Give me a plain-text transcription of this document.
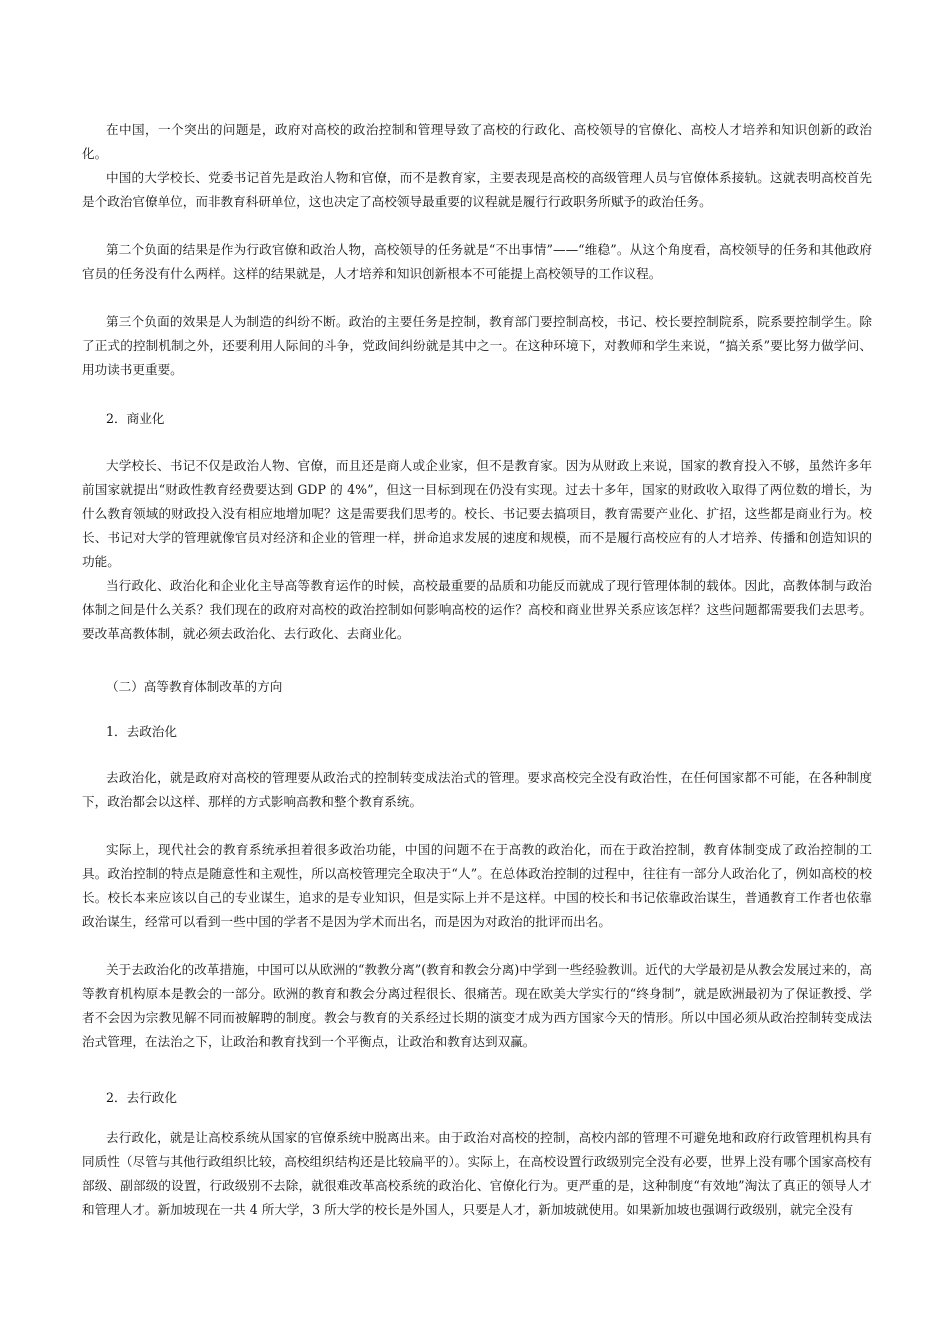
在中国，一个突出的问题是，政府对高校的政治控制和管理导致了高校的行政化、高校领导的官僚化、高校人才培养和知识创新的政治化。

中国的大学校长、党委书记首先是政治人物和官僚，而不是教育家，主要表现是高校的高级管理人员与官僚体系接轨。这就表明高校首先是个政治官僚单位，而非教育科研单位，这也决定了高校领导最重要的议程就是履行行政职务所赋予的政治任务。

第二个负面的结果是作为行政官僚和政治人物，高校领导的任务就是“不出事情”——“维稳”。从这个角度看，高校领导的任务和其他政府官员的任务没有什么两样。这样的结果就是，人才培养和知识创新根本不可能提上高校领导的工作议程。

第三个负面的效果是人为制造的纠纷不断。政治的主要任务是控制，教育部门要控制高校，书记、校长要控制院系，院系要控制学生。除了正式的控制机制之外，还要利用人际间的斗争，党政间纠纷就是其中之一。在这种环境下，对教师和学生来说，“搞关系”要比努力做学问、用功读书更重要。

2．商业化

大学校长、书记不仅是政治人物、官僚，而且还是商人或企业家，但不是教育家。因为从财政上来说，国家的教育投入不够，虽然许多年前国家就提出“财政性教育经费要达到 GDP 的 4%”，但这一目标到现在仍没有实现。过去十多年，国家的财政收入取得了两位数的增长，为什么教育领域的财政投入没有相应地增加呢？这是需要我们思考的。校长、书记要去搞项目，教育需要产业化、扩招，这些都是商业行为。校长、书记对大学的管理就像官员对经济和企业的管理一样，拼命追求发展的速度和规模，而不是履行高校应有的人才培养、传播和创造知识的功能。

当行政化、政治化和企业化主导高等教育运作的时候，高校最重要的品质和功能反而就成了现行管理体制的载体。因此，高教体制与政治体制之间是什么关系？我们现在的政府对高校的政治控制如何影响高校的运作？高校和商业世界关系应该怎样？这些问题都需要我们去思考。要改革高教体制，就必须去政治化、去行政化、去商业化。

（二）高等教育体制改革的方向

1．去政治化

去政治化，就是政府对高校的管理要从政治式的控制转变成法治式的管理。要求高校完全没有政治性，在任何国家都不可能，在各种制度下，政治都会以这样、那样的方式影响高教和整个教育系统。

实际上，现代社会的教育系统承担着很多政治功能，中国的问题不在于高教的政治化，而在于政治控制，教育体制变成了政治控制的工具。政治控制的特点是随意性和主观性，所以高校管理完全取决于“人”。在总体政治控制的过程中，往往有一部分人政治化了，例如高校的校长。校长本来应该以自己的专业谋生，追求的是专业知识，但是实际上并不是这样。中国的校长和书记依靠政治谋生，普通教育工作者也依靠政治谋生，经常可以看到一些中国的学者不是因为学术而出名，而是因为对政治的批评而出名。

关于去政治化的改革措施，中国可以从欧洲的“教教分离”(教育和教会分离)中学到一些经验教训。近代的大学最初是从教会发展过来的，高等教育机构原本是教会的一部分。欧洲的教育和教会分离过程很长、很痛苦。现在欧美大学实行的“终身制”，就是欧洲最初为了保证教授、学者不会因为宗教见解不同而被解聘的制度。教会与教育的关系经过长期的演变才成为西方国家今天的情形。所以中国必须从政治控制转变成法治式管理，在法治之下，让政治和教育找到一个平衡点，让政治和教育达到双赢。

2．去行政化

去行政化，就是让高校系统从国家的官僚系统中脱离出来。由于政治对高校的控制，高校内部的管理不可避免地和政府行政管理机构具有同质性（尽管与其他行政组织比较，高校组织结构还是比较扁平的）。实际上，在高校设置行政级别完全没有必要，世界上没有哪个国家高校有部级、副部级的设置，行政级别不去除，就很难改革高校系统的政治化、官僚化行为。更严重的是，这种制度“有效地”淘汰了真正的领导人才和管理人才。新加坡现在一共 4 所大学，3 所大学的校长是外国人，只要是人才，新加坡就使用。如果新加坡也强调行政级别，就完全没有
